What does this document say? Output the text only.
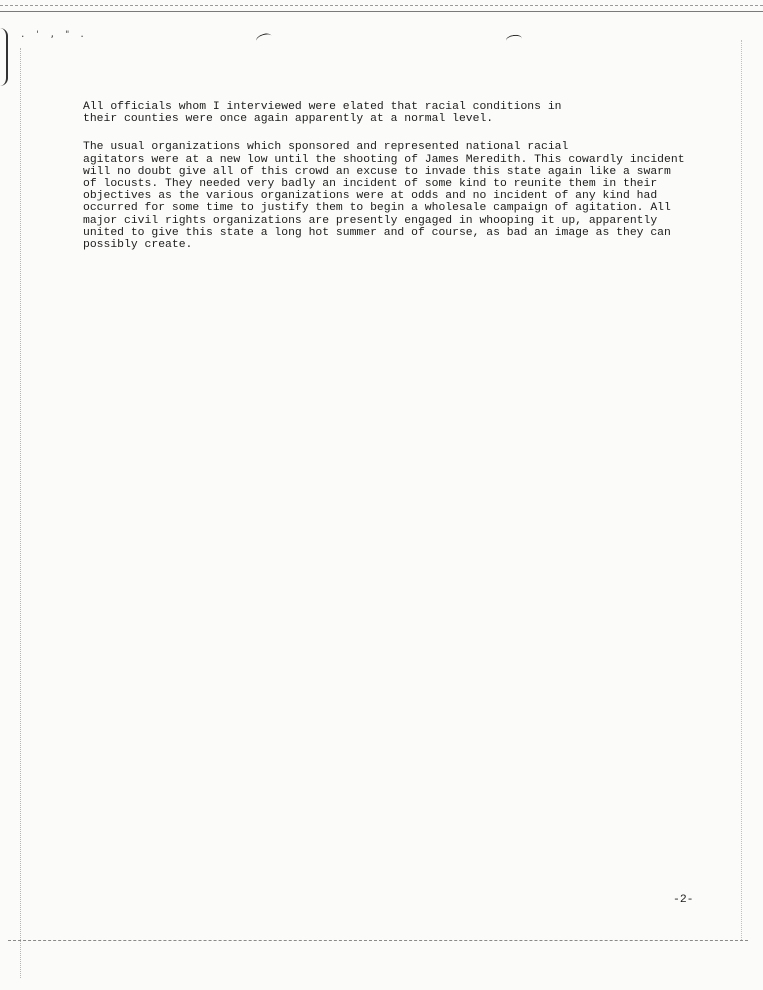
. ' , " .

All officials whom I interviewed were elated that racial conditions in
their counties were once again apparently at a normal level.

The usual organizations which sponsored and represented national racial
agitators were at a new low until the shooting of James Meredith. This cowardly incident
will no doubt give all of this crowd an excuse to invade this state again like a swarm
of locusts. They needed very badly an incident of some kind to reunite them in their
objectives as the various organizations were at odds and no incident of any kind had
occurred for some time to justify them to begin a wholesale campaign of agitation. All
major civil rights organizations are presently engaged in whooping it up, apparently
united to give this state a long hot summer and of course, as bad an image as they can
possibly create.

-2-
